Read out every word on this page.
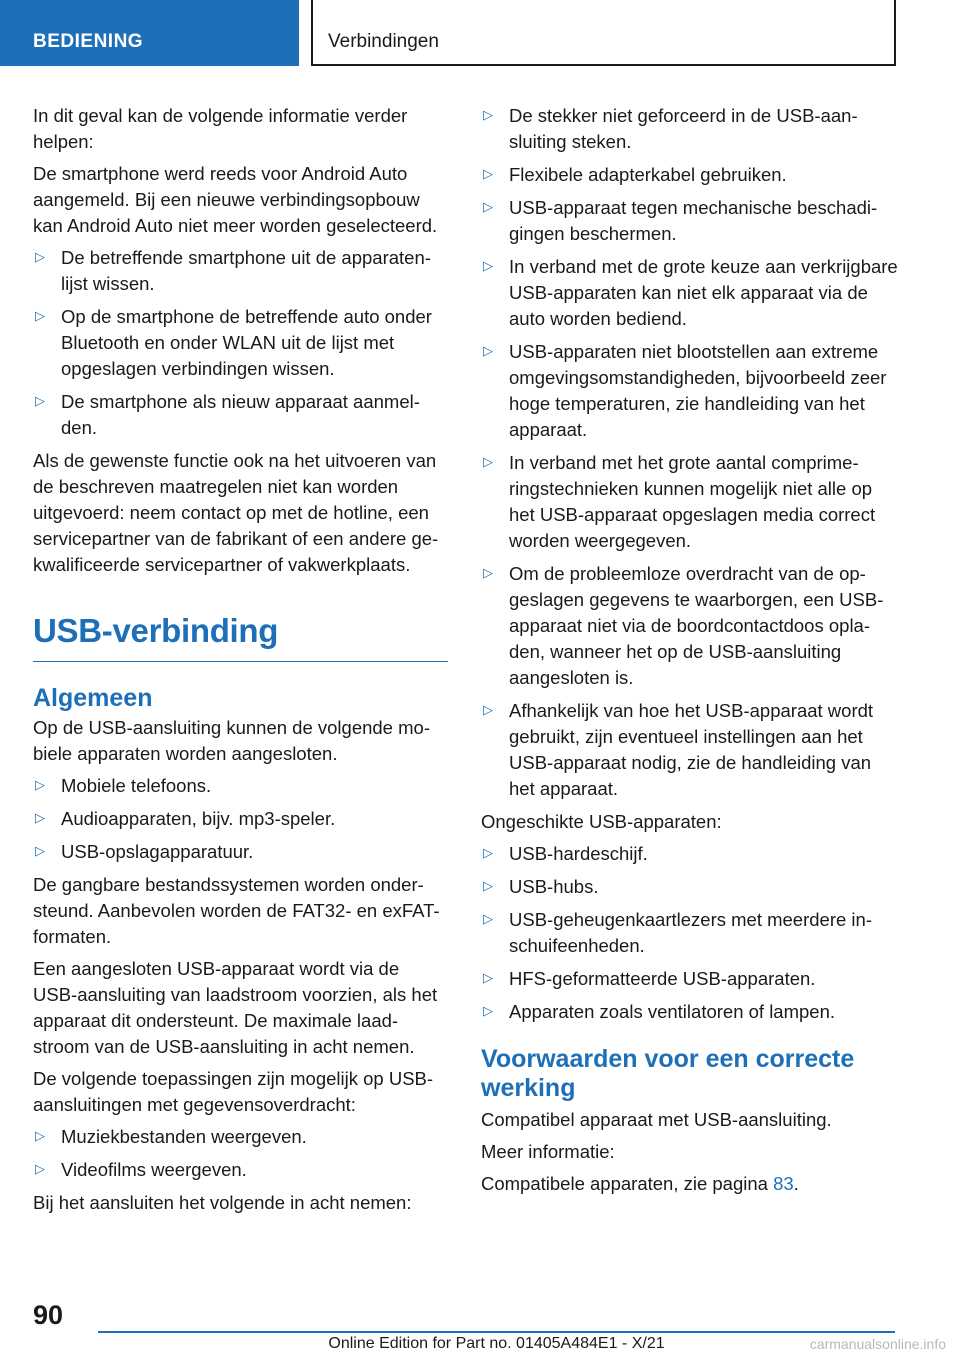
BEDIENING	Verbindingen

In dit geval kan de volgende informatie verder helpen:

De smartphone werd reeds voor Android Auto aangemeld. Bij een nieuwe verbindingsopbouw kan Android Auto niet meer worden geselecteerd.

▷ De betreffende smartphone uit de apparatenlijst wissen.
▷ Op de smartphone de betreffende auto onder Bluetooth en onder WLAN uit de lijst met opgeslagen verbindingen wissen.
▷ De smartphone als nieuw apparaat aanmelden.

Als de gewenste functie ook na het uitvoeren van de beschreven maatregelen niet kan worden uitgevoerd: neem contact op met de hotline, een servicepartner van de fabrikant of een andere gekwalificeerde servicepartner of vakwerkplaats.

USB-verbinding
Algemeen

Op de USB-aansluiting kunnen de volgende mobiele apparaten worden aangesloten.

▷ Mobiele telefoons.
▷ Audioapparaten, bijv. mp3-speler.
▷ USB-opslagapparatuur.

De gangbare bestandssystemen worden ondersteund. Aanbevolen worden de FAT32- en exFAT-formaten.

Een aangesloten USB-apparaat wordt via de USB-aansluiting van laadstroom voorzien, als het apparaat dit ondersteunt. De maximale laadstroom van de USB-aansluiting in acht nemen.

De volgende toepassingen zijn mogelijk op USB-aansluitingen met gegevensoverdracht:

▷ Muziekbestanden weergeven.
▷ Videofilms weergeven.

Bij het aansluiten het volgende in acht nemen:

▷ De stekker niet geforceerd in de USB-aansluiting steken.
▷ Flexibele adapterkabel gebruiken.
▷ USB-apparaat tegen mechanische beschadigingen beschermen.
▷ In verband met de grote keuze aan verkrijgbare USB-apparaten kan niet elk apparaat via de auto worden bediend.
▷ USB-apparaten niet blootstellen aan extreme omgevingsomstandigheden, bijvoorbeeld zeer hoge temperaturen, zie handleiding van het apparaat.
▷ In verband met het grote aantal comprimeringstechnieken kunnen mogelijk niet alle op het USB-apparaat opgeslagen media correct worden weergegeven.
▷ Om de probleemloze overdracht van de opgeslagen gegevens te waarborgen, een USB-apparaat niet via de boordcontactdoos opladen, wanneer het op de USB-aansluiting aangesloten is.
▷ Afhankelijk van hoe het USB-apparaat wordt gebruikt, zijn eventueel instellingen aan het USB-apparaat nodig, zie de handleiding van het apparaat.

Ongeschikte USB-apparaten:

▷ USB-hardeschijf.
▷ USB-hubs.
▷ USB-geheugenkaartlezers met meerdere inschuifeenheden.
▷ HFS-geformatteerde USB-apparaten.
▷ Apparaten zoals ventilatoren of lampen.
Voorwaarden voor een correcte werking

Compatibel apparaat met USB-aansluiting.

Meer informatie:

Compatibele apparaten, zie pagina 83.

90
Online Edition for Part no. 01405A484E1 - X/21	carmanualsonline.info
